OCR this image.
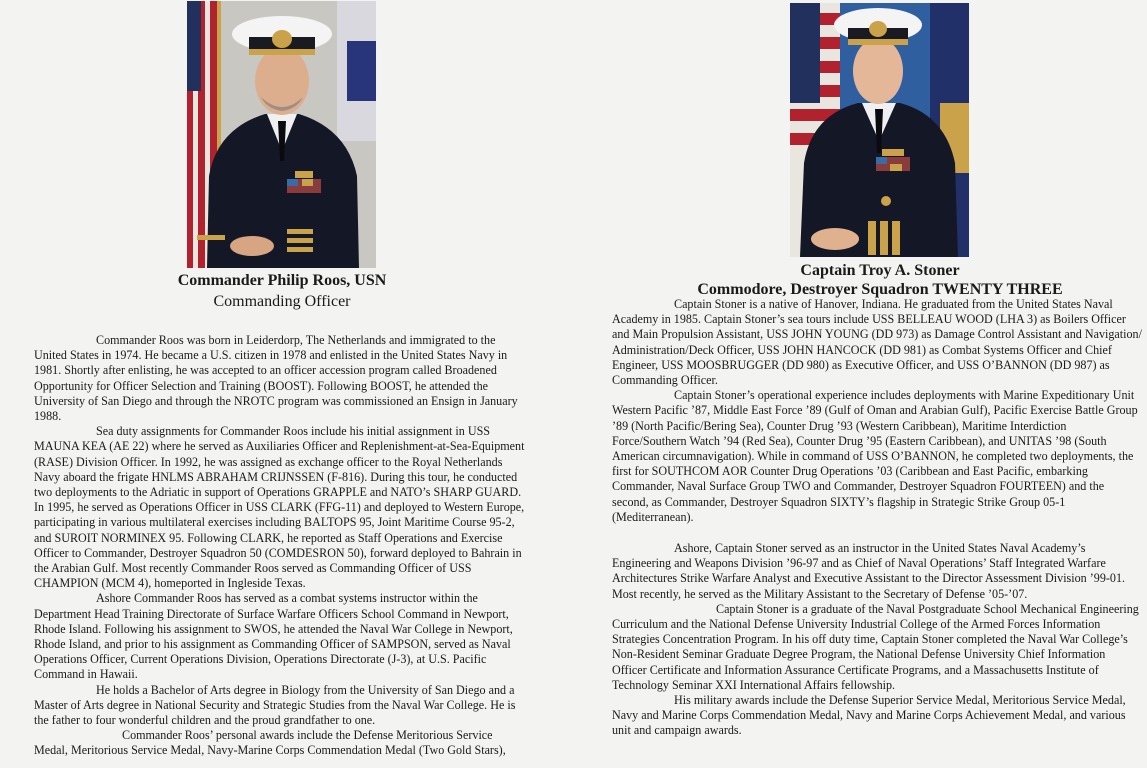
Commander Philip Roos, USN
Commanding Officer

Commander Roos was born in Leiderdorp, The Netherlands and immigrated to the United States in 1974. He became a U.S. citizen in 1978 and enlisted in the United States Navy in 1981. Shortly after enlisting, he was accepted to an officer accession program called Broadened Opportunity for Officer Selection and Training (BOOST). Following BOOST, he attended the University of San Diego and through the NROTC program was commissioned an Ensign in January 1988.

Sea duty assignments for Commander Roos include his initial assignment in USS MAUNA KEA (AE 22) where he served as Auxiliaries Officer and Replenishment-at-Sea-Equipment (RASE) Division Officer. In 1992, he was assigned as exchange officer to the Royal Netherlands Navy aboard the frigate HNLMS ABRAHAM CRIJNSSEN (F-816). During this tour, he conducted two deployments to the Adriatic in support of Operations GRAPPLE and NATO’s SHARP GUARD. In 1995, he served as Operations Officer in USS CLARK (FFG-11) and deployed to Western Europe, participating in various multilateral exercises including BALTOPS 95, Joint Maritime Course 95-2, and SUROIT NORMINEX 95. Following CLARK, he reported as Staff Operations and Exercise Officer to Commander, Destroyer Squadron 50 (COMDESRON 50), forward deployed to Bahrain in the Arabian Gulf. Most recently Commander Roos served as Commanding Officer of USS CHAMPION (MCM 4), homeported in Ingleside Texas.

Ashore Commander Roos has served as a combat systems instructor within the Department Head Training Directorate of Surface Warfare Officers School Command in Newport, Rhode Island. Following his assignment to SWOS, he attended the Naval War College in Newport, Rhode Island, and prior to his assignment as Commanding Officer of SAMPSON, served as Naval Operations Officer, Current Operations Division, Operations Directorate (J-3), at U.S. Pacific Command in Hawaii.

He holds a Bachelor of Arts degree in Biology from the University of San Diego and a Master of Arts degree in National Security and Strategic Studies from the Naval War College. He is the father to four wonderful children and the proud grandfather to one.

Commander Roos’ personal awards include the Defense Meritorious Service Medal, Meritorious Service Medal, Navy-Marine Corps Commendation Medal (Two Gold Stars),

Captain Troy A. Stoner
Commodore, Destroyer Squadron TWENTY THREE

Captain Stoner is a native of Hanover, Indiana. He graduated from the United States Naval Academy in 1985. Captain Stoner’s sea tours include USS BELLEAU WOOD (LHA 3) as Boilers Officer and Main Propulsion Assistant, USS JOHN YOUNG (DD 973) as Damage Control Assistant and Navigation/ Administration/Deck Officer, USS JOHN HANCOCK (DD 981) as Combat Systems Officer and Chief Engineer, USS MOOSBRUGGER (DD 980) as Executive Officer, and USS O’BANNON (DD 987) as Commanding Officer.

Captain Stoner’s operational experience includes deployments with Marine Expeditionary Unit Western Pacific ’87, Middle East Force ’89 (Gulf of Oman and Arabian Gulf), Pacific Exercise Battle Group ’89 (North Pacific/Bering Sea), Counter Drug ’93 (Western Caribbean), Maritime Interdiction Force/Southern Watch ’94 (Red Sea), Counter Drug ’95 (Eastern Caribbean), and UNITAS ’98 (South American circumnavigation). While in command of USS O’BANNON, he completed two deployments, the first for SOUTHCOM AOR Counter Drug Operations ’03 (Caribbean and East Pacific, embarking Commander, Naval Surface Group TWO and Commander, Destroyer Squadron FOURTEEN) and the second, as Commander, Destroyer Squadron SIXTY’s flagship in Strategic Strike Group 05-1 (Mediterranean).

Ashore, Captain Stoner served as an instructor in the United States Naval Academy’s Engineering and Weapons Division ’96-97 and as Chief of Naval Operations’ Staff Integrated Warfare Architectures Strike Warfare Analyst and Executive Assistant to the Director Assessment Division ’99-01. Most recently, he served as the Military Assistant to the Secretary of Defense ’05-’07.

Captain Stoner is a graduate of the Naval Postgraduate School Mechanical Engineering Curriculum and the National Defense University Industrial College of the Armed Forces Information Strategies Concentration Program. In his off duty time, Captain Stoner completed the Naval War College’s Non-Resident Seminar Graduate Degree Program, the National Defense University Chief Information Officer Certificate and Information Assurance Certificate Programs, and a Massachusetts Institute of Technology Seminar XXI International Affairs fellowship.

His military awards include the Defense Superior Service Medal, Meritorious Service Medal, Navy and Marine Corps Commendation Medal, Navy and Marine Corps Achievement Medal, and various unit and campaign awards.
